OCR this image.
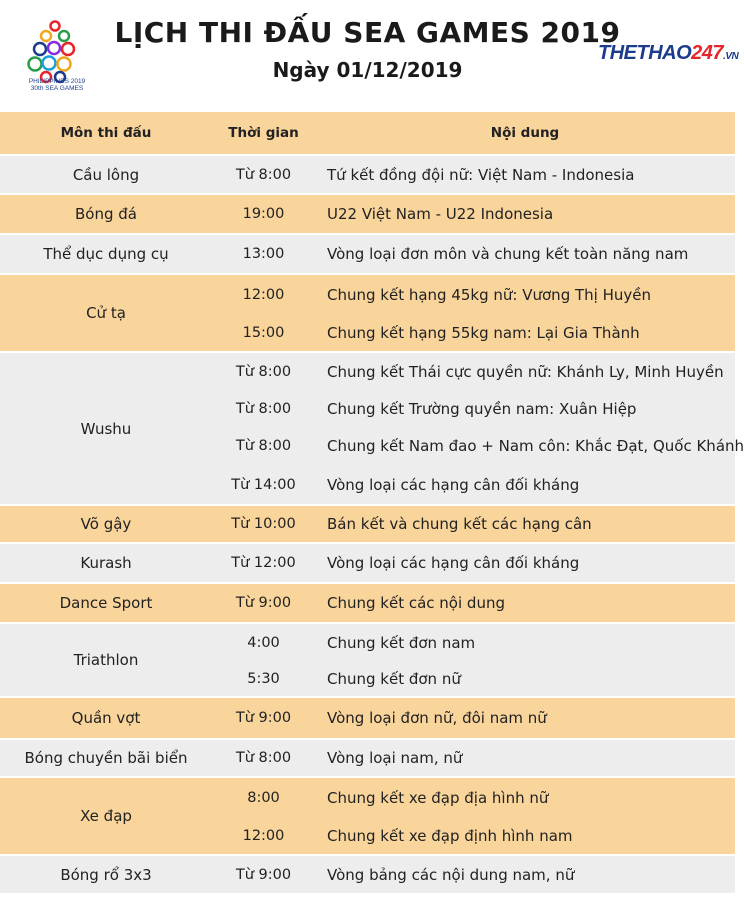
PHILIPPINES 2019
30th SEA GAMES
LỊCH THI ĐẤU SEA GAMES 2019
Ngày 01/12/2019
THETHAO247.VN
Môn thi đấu	Thời gian	Nội dung
Cầu lông	Từ 8:00	Tứ kết đồng đội nữ: Việt Nam - Indonesia
Bóng đá	19:00	U22 Việt Nam - U22 Indonesia
Thể dục dụng cụ	13:00	Vòng loại đơn môn và chung kết toàn năng nam
Cử tạ	12:00	Chung kết hạng 45kg nữ: Vương Thị Huyền
	15:00	Chung kết hạng 55kg nam: Lại Gia Thành
Wushu	Từ 8:00	Chung kết Thái cực quyền nữ: Khánh Ly, Minh Huyền
	Từ 8:00	Chung kết Trường quyền nam: Xuân Hiệp
	Từ 8:00	Chung kết Nam đao + Nam côn: Khắc Đạt, Quốc Khánh
	Từ 14:00	Vòng loại các hạng cân đối kháng
Võ gậy	Từ 10:00	Bán kết và chung kết các hạng cân
Kurash	Từ 12:00	Vòng loại các hạng cân đối kháng
Dance Sport	Từ 9:00	Chung kết các nội dung
Triathlon	4:00	Chung kết đơn nam
	5:30	Chung kết đơn nữ
Quần vợt	Từ 9:00	Vòng loại đơn nữ, đôi nam nữ
Bóng chuyền bãi biển	Từ 8:00	Vòng loại nam, nữ
Xe đạp	8:00	Chung kết xe đạp địa hình nữ
	12:00	Chung kết xe đạp định hình nam
Bóng rổ 3x3	Từ 9:00	Vòng bảng các nội dung nam, nữ
